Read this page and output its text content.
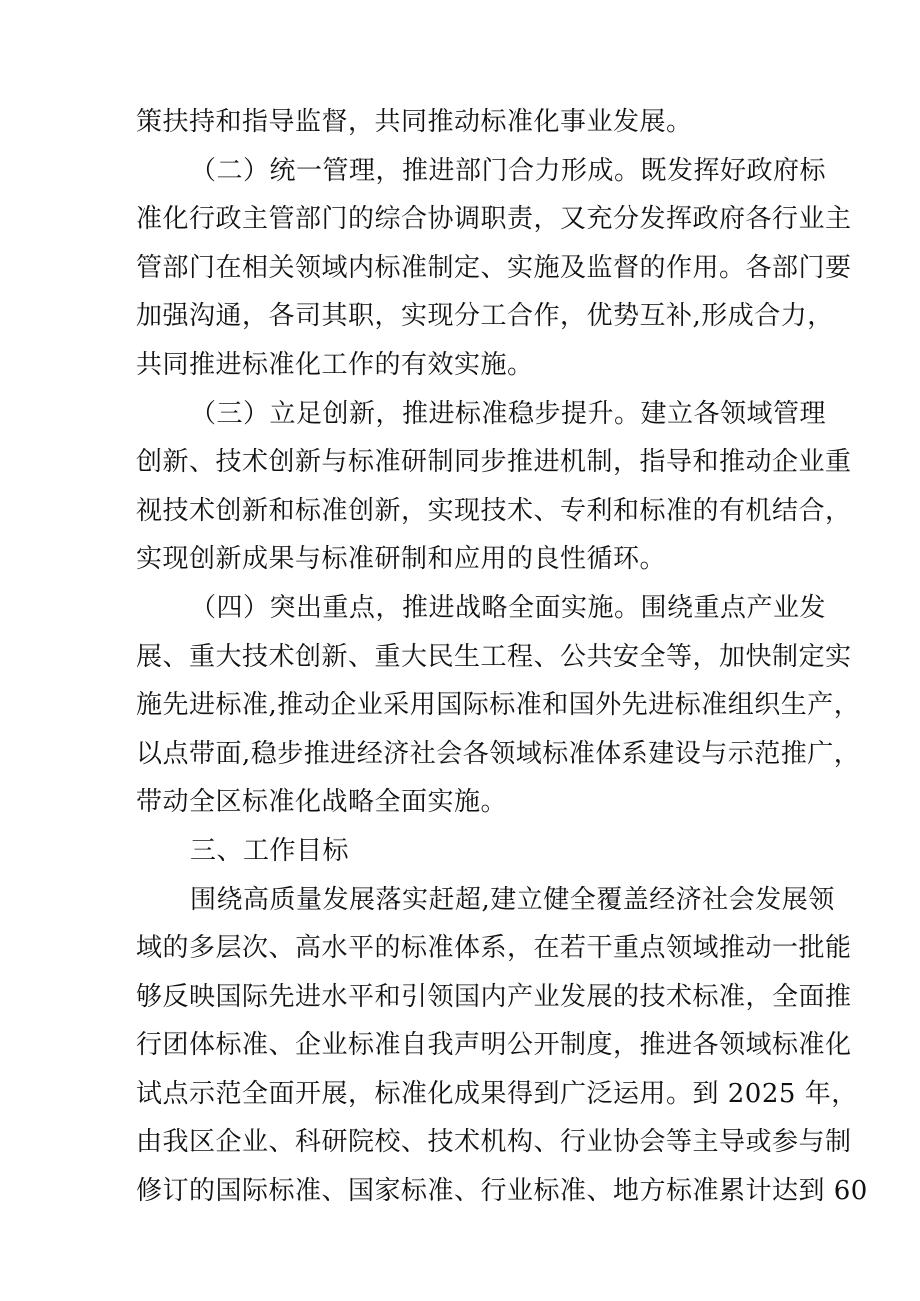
策扶持和指导监督，共同推动标准化事业发展。
（二）统一管理，推进部门合力形成。既发挥好政府标
准化行政主管部门的综合协调职责，又充分发挥政府各行业主
管部门在相关领域内标准制定、实施及监督的作用。各部门要
加强沟通，各司其职，实现分工合作，优势互补,形成合力，
共同推进标准化工作的有效实施。
（三）立足创新，推进标准稳步提升。建立各领域管理
创新、技术创新与标准研制同步推进机制，指导和推动企业重
视技术创新和标准创新，实现技术、专利和标准的有机结合，
实现创新成果与标准研制和应用的良性循环。
（四）突出重点，推进战略全面实施。围绕重点产业发
展、重大技术创新、重大民生工程、公共安全等，加快制定实
施先进标准,推动企业采用国际标准和国外先进标准组织生产，
以点带面,稳步推进经济社会各领域标准体系建设与示范推广，
带动全区标准化战略全面实施。
三、工作目标
围绕高质量发展落实赶超,建立健全覆盖经济社会发展领
域的多层次、高水平的标准体系，在若干重点领域推动一批能
够反映国际先进水平和引领国内产业发展的技术标准，全面推
行团体标准、企业标准自我声明公开制度，推进各领域标准化
试点示范全面开展，标准化成果得到广泛运用。到 2025 年，
由我区企业、科研院校、技术机构、行业协会等主导或参与制
修订的国际标准、国家标准、行业标准、地方标准累计达到 60
